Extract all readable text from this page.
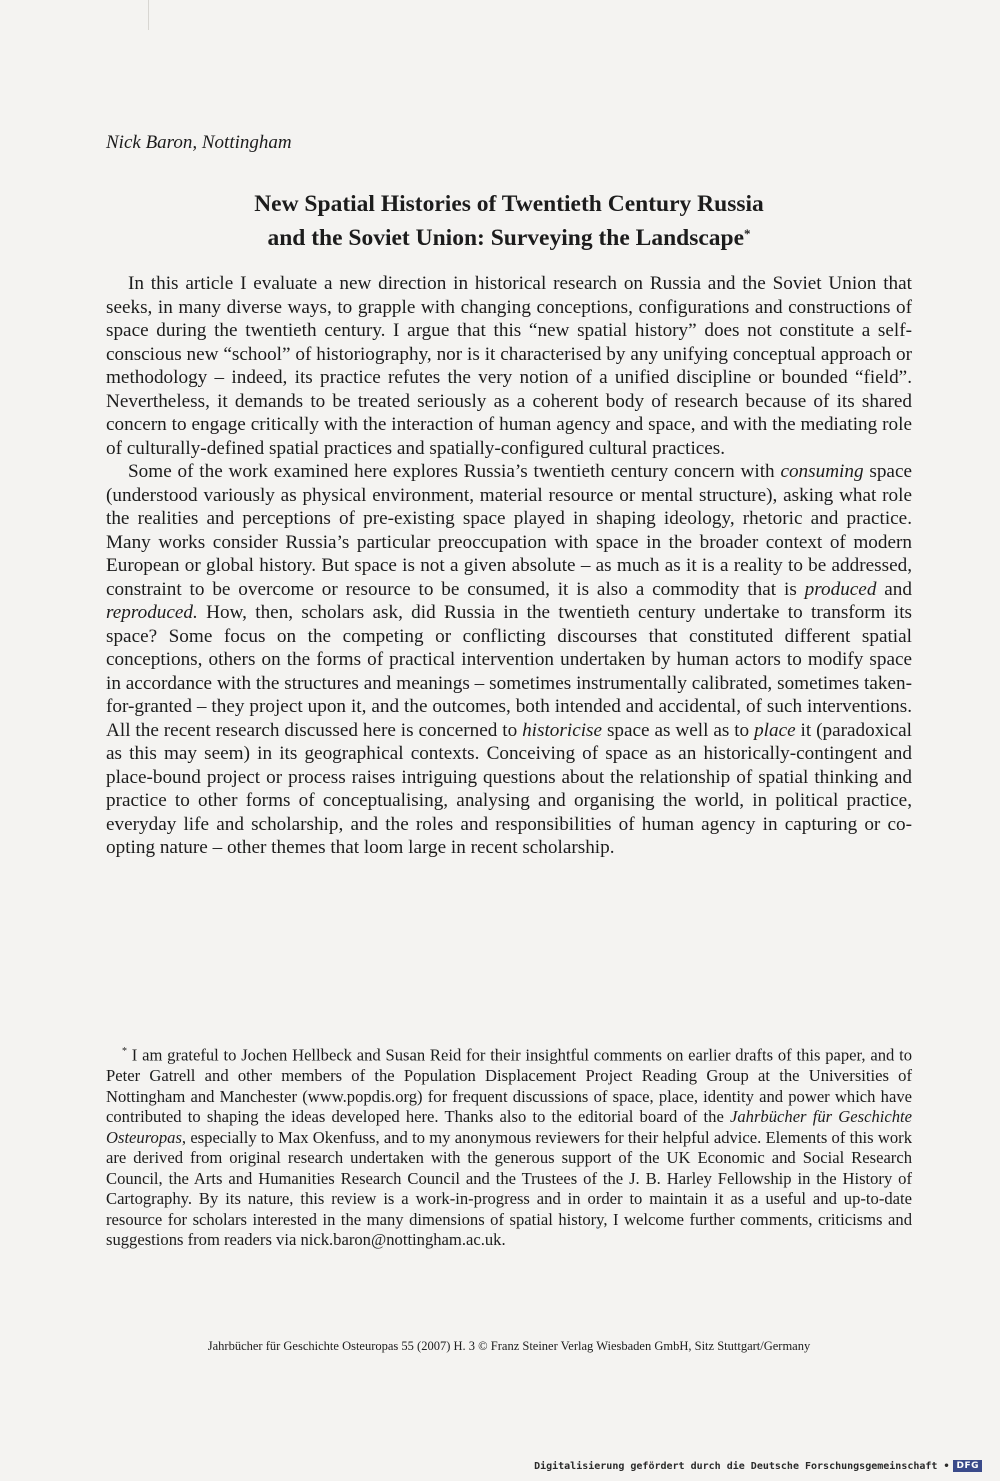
Nick Baron, Nottingham
New Spatial Histories of Twentieth Century Russia
and the Soviet Union: Surveying the Landscape*

In this article I evaluate a new direction in historical research on Russia and the Soviet Union that seeks, in many diverse ways, to grapple with changing conceptions, configurations and constructions of space during the twentieth century. I argue that this “new spatial history” does not constitute a self-conscious new “school” of historiography, nor is it characterised by any unifying conceptual approach or methodology – indeed, its practice refutes the very notion of a unified discipline or bounded “field”. Nevertheless, it demands to be treated seriously as a coherent body of research because of its shared concern to engage critically with the interaction of human agency and space, and with the mediating role of culturally-defined spatial practices and spatially-configured cultural practices.

Some of the work examined here explores Russia’s twentieth century concern with consuming space (understood variously as physical environment, material resource or mental structure), asking what role the realities and perceptions of pre-existing space played in shaping ideology, rhetoric and practice. Many works consider Russia’s particular preoccupation with space in the broader context of modern European or global history. But space is not a given absolute – as much as it is a reality to be addressed, constraint to be overcome or resource to be consumed, it is also a commodity that is produced and reproduced. How, then, scholars ask, did Russia in the twentieth century undertake to transform its space? Some focus on the competing or conflicting discourses that constituted different spatial conceptions, others on the forms of practical intervention undertaken by human actors to modify space in accordance with the structures and meanings – sometimes instrumentally calibrated, sometimes taken-for-granted – they project upon it, and the outcomes, both intended and accidental, of such interventions. All the recent research discussed here is concerned to historicise space as well as to place it (paradoxical as this may seem) in its geographical contexts. Conceiving of space as an historically-contingent and place-bound project or process raises intriguing questions about the relationship of spatial thinking and practice to other forms of conceptualising, analysing and organising the world, in political practice, everyday life and scholarship, and the roles and responsibilities of human agency in capturing or co-opting nature – other themes that loom large in recent scholarship.

* I am grateful to Jochen Hellbeck and Susan Reid for their insightful comments on earlier drafts of this paper, and to Peter Gatrell and other members of the Population Displacement Project Reading Group at the Universities of Nottingham and Manchester (www.popdis.org) for frequent discussions of space, place, identity and power which have contributed to shaping the ideas developed here. Thanks also to the editorial board of the Jahrbücher für Geschichte Osteuropas, especially to Max Okenfuss, and to my anonymous reviewers for their helpful advice. Elements of this work are derived from original research undertaken with the generous support of the UK Economic and Social Research Council, the Arts and Humanities Research Council and the Trustees of the J. B. Harley Fellowship in the History of Cartography. By its nature, this review is a work-in-progress and in order to maintain it as a useful and up-to-date resource for scholars interested in the many dimensions of spatial history, I welcome further comments, criticisms and suggestions from readers via nick.baron@nottingham.ac.uk.

Jahrbücher für Geschichte Osteuropas 55 (2007) H. 3 © Franz Steiner Verlag Wiesbaden GmbH, Sitz Stuttgart/Germany
Digitalisierung gefördert durch die Deutsche Forschungsgemeinschaft • DFG
